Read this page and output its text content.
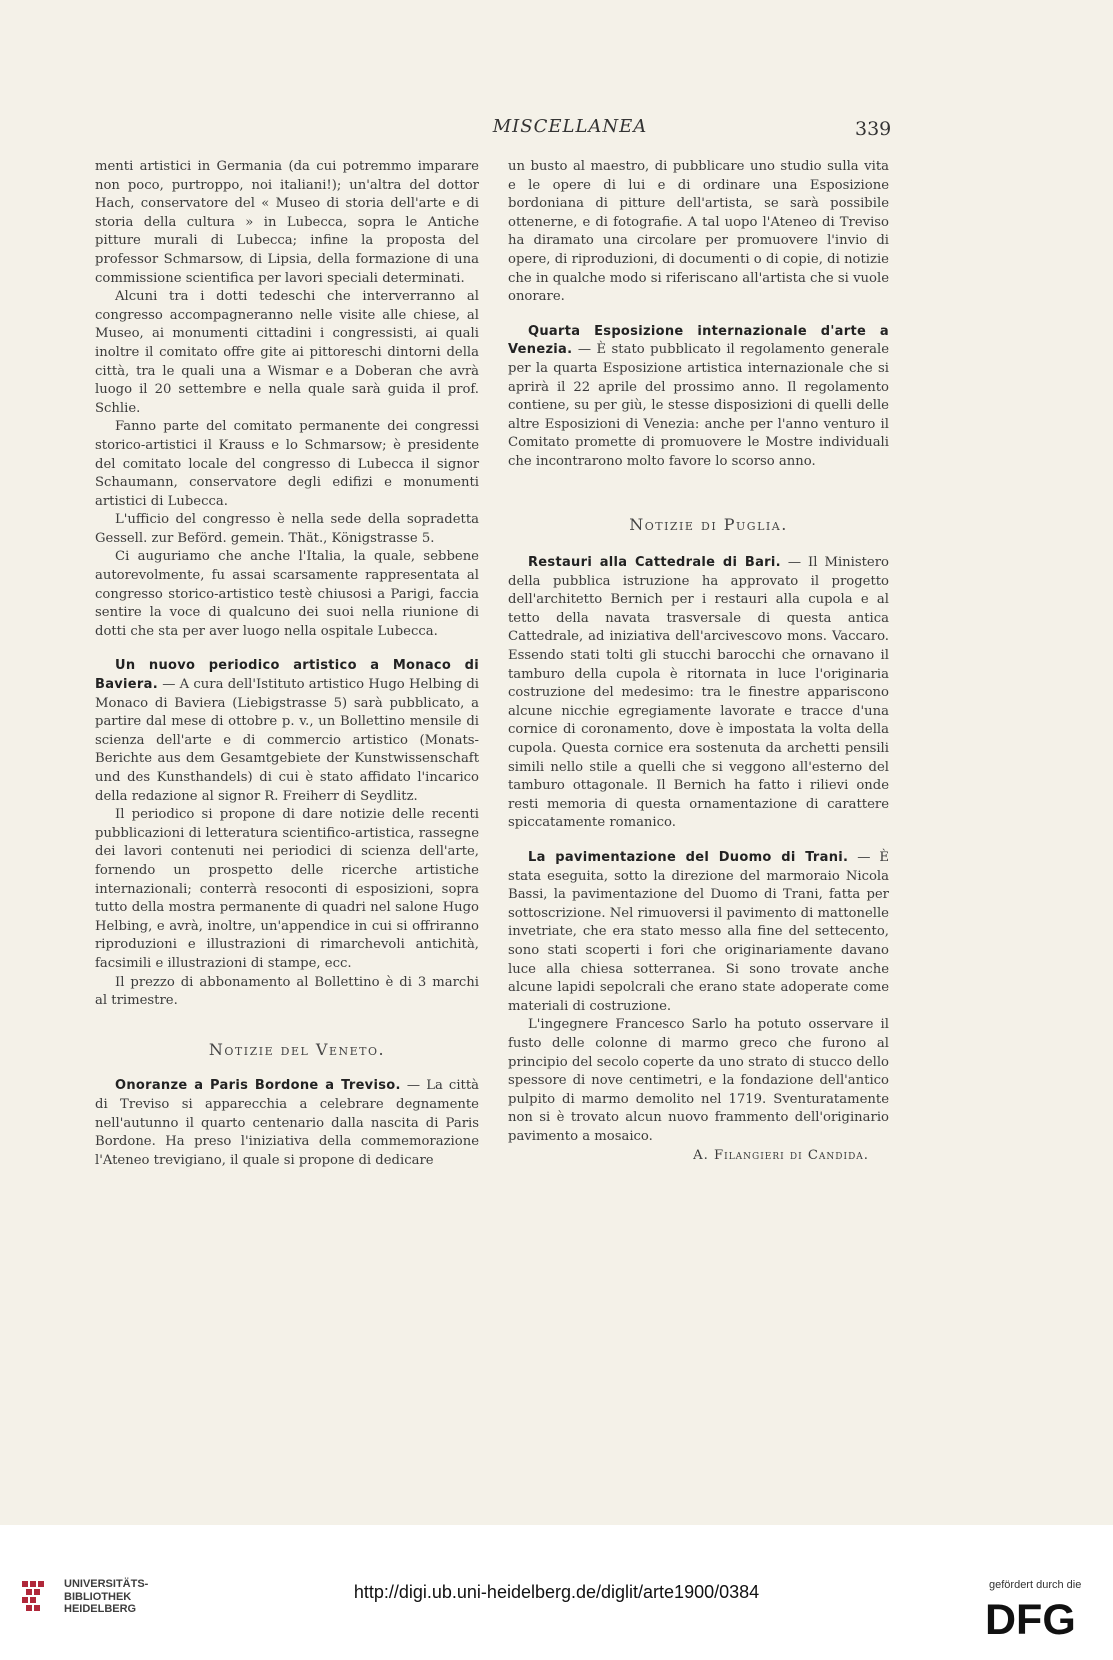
MISCELLANEA	339

menti artistici in Germania (da cui potremmo imparare non poco, purtroppo, noi italiani!); un'altra del dottor Hach, conservatore del « Museo di storia dell'arte e di storia della cultura » in Lubecca, sopra le Antiche pitture murali di Lubecca; infine la proposta del professor Schmarsow, di Lipsia, della formazione di una commissione scientifica per lavori speciali determinati.

Alcuni tra i dotti tedeschi che interverranno al congresso accompagneranno nelle visite alle chiese, al Museo, ai monumenti cittadini i congressisti, ai quali inoltre il comitato offre gite ai pittoreschi dintorni della città, tra le quali una a Wismar e a Doberan che avrà luogo il 20 settembre e nella quale sarà guida il prof. Schlie.

Fanno parte del comitato permanente dei congressi storico-artistici il Krauss e lo Schmarsow; è presidente del comitato locale del congresso di Lubecca il signor Schaumann, conservatore degli edifizi e monumenti artistici di Lubecca.

L'ufficio del congresso è nella sede della sopradetta Gessell. zur Beförd. gemein. Thät., Königstrasse 5.

Ci auguriamo che anche l'Italia, la quale, sebbene autorevolmente, fu assai scarsamente rappresentata al congresso storico-artistico testè chiusosi a Parigi, faccia sentire la voce di qualcuno dei suoi nella riunione di dotti che sta per aver luogo nella ospitale Lubecca.

Un nuovo periodico artistico a Monaco di Baviera. — A cura dell'Istituto artistico Hugo Helbing di Monaco di Baviera (Liebigstrasse 5) sarà pubblicato, a partire dal mese di ottobre p. v., un Bollettino mensile di scienza dell'arte e di commercio artistico (Monats-Berichte aus dem Gesamtgebiete der Kunstwissenschaft und des Kunsthandels) di cui è stato affidato l'incarico della redazione al signor R. Freiherr di Seydlitz.

Il periodico si propone di dare notizie delle recenti pubblicazioni di letteratura scientifico-artistica, rassegne dei lavori contenuti nei periodici di scienza dell'arte, fornendo un prospetto delle ricerche artistiche internazionali; conterrà resoconti di esposizioni, sopra tutto della mostra permanente di quadri nel salone Hugo Helbing, e avrà, inoltre, un'appendice in cui si offriranno riproduzioni e illustrazioni di rimarchevoli antichità, facsimili e illustrazioni di stampe, ecc.

Il prezzo di abbonamento al Bollettino è di 3 marchi al trimestre.

Notizie del Veneto.

Onoranze a Paris Bordone a Treviso. — La città di Treviso si apparecchia a celebrare degnamente nell'autunno il quarto centenario dalla nascita di Paris Bordone. Ha preso l'iniziativa della commemorazione l'Ateneo trevigiano, il quale si propone di dedicare

un busto al maestro, di pubblicare uno studio sulla vita e le opere di lui e di ordinare una Esposizione bordoniana di pitture dell'artista, se sarà possibile ottenerne, e di fotografie. A tal uopo l'Ateneo di Treviso ha diramato una circolare per promuovere l'invio di opere, di riproduzioni, di documenti o di copie, di notizie che in qualche modo si riferiscano all'artista che si vuole onorare.

Quarta Esposizione internazionale d'arte a Venezia. — È stato pubblicato il regolamento generale per la quarta Esposizione artistica internazionale che si aprirà il 22 aprile del prossimo anno. Il regolamento contiene, su per giù, le stesse disposizioni di quelli delle altre Esposizioni di Venezia: anche per l'anno venturo il Comitato promette di promuovere le Mostre individuali che incontrarono molto favore lo scorso anno.

Notizie di Puglia.

Restauri alla Cattedrale di Bari. — Il Ministero della pubblica istruzione ha approvato il progetto dell'architetto Bernich per i restauri alla cupola e al tetto della navata trasversale di questa antica Cattedrale, ad iniziativa dell'arcivescovo mons. Vaccaro. Essendo stati tolti gli stucchi barocchi che ornavano il tamburo della cupola è ritornata in luce l'originaria costruzione del medesimo: tra le finestre appariscono alcune nicchie egregiamente lavorate e tracce d'una cornice di coronamento, dove è impostata la volta della cupola. Questa cornice era sostenuta da archetti pensili simili nello stile a quelli che si veggono all'esterno del tamburo ottagonale. Il Bernich ha fatto i rilievi onde resti memoria di questa ornamentazione di carattere spiccatamente romanico.

La pavimentazione del Duomo di Trani. — È stata eseguita, sotto la direzione del marmoraio Nicola Bassi, la pavimentazione del Duomo di Trani, fatta per sottoscrizione. Nel rimuoversi il pavimento di mattonelle invetriate, che era stato messo alla fine del settecento, sono stati scoperti i fori che originariamente davano luce alla chiesa sotterranea. Si sono trovate anche alcune lapidi sepolcrali che erano state adoperate come materiali di costruzione.

L'ingegnere Francesco Sarlo ha potuto osservare il fusto delle colonne di marmo greco che furono al principio del secolo coperte da uno strato di stucco dello spessore di nove centimetri, e la fondazione dell'antico pulpito di marmo demolito nel 1719. Sventuratamente non si è trovato alcun nuovo frammento dell'originario pavimento a mosaico.

A. Filangieri di Candida.

UNIVERSITÄTS-
BIBLIOTHEK
HEIDELBERG
http://digi.ub.uni-heidelberg.de/diglit/arte1900/0384	gefördert durch die
DFG
